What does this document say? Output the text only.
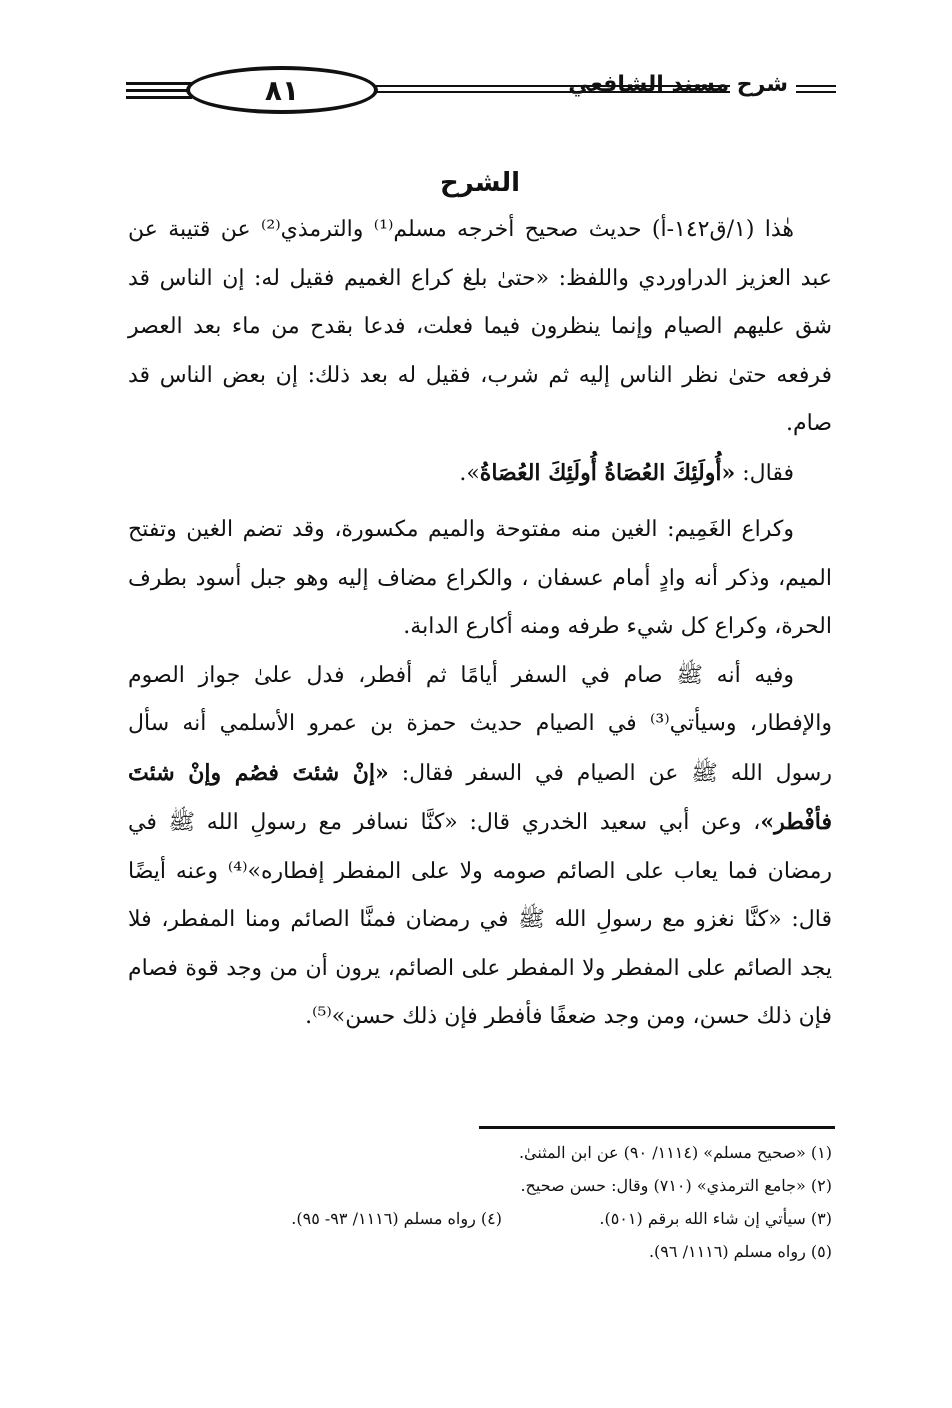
٨١	شرح مسند الشافعي
الشرح

هٰذا (١/ق١٤٢-أ) حديث صحيح أخرجه مسلم⁽¹⁾ والترمذي⁽²⁾ عن قتيبة عن عبد العزيز الدراوردي واللفظ: «حتىٰ بلغ كراع الغميم فقيل له: إن الناس قد شق عليهم الصيام وإنما ينظرون فيما فعلت، فدعا بقدح من ماء بعد العصر فرفعه حتىٰ نظر الناس إليه ثم شرب، فقيل له بعد ذلك: إن بعض الناس قد صام.

فقال: «أُولَئِكَ العُصَاةُ أُولَئِكَ العُصَاةُ».

وكراع الغَمِيم: الغين منه مفتوحة والميم مكسورة، وقد تضم الغين وتفتح الميم، وذكر أنه وادٍ أمام عسفان ، والكراع مضاف إليه وهو جبل أسود بطرف الحرة، وكراع كل شيء طرفه ومنه أكارع الدابة.

وفيه أنه ﷺ صام في السفر أيامًا ثم أفطر، فدل علىٰ جواز الصوم والإفطار، وسيأتي⁽³⁾ في الصيام حديث حمزة بن عمرو الأسلمي أنه سأل رسول الله ﷺ عن الصيام في السفر فقال: «إنْ شئتَ فصُم وإنْ شئتَ فأفْطر»، وعن أبي سعيد الخدري قال: «كنَّا نسافر مع رسولِ الله ﷺ في رمضان فما يعاب على الصائم صومه ولا على المفطر إفطاره»⁽⁴⁾ وعنه أيضًا قال: «كنَّا نغزو مع رسولِ الله ﷺ في رمضان فمنَّا الصائم ومنا المفطر، فلا يجد الصائم على المفطر ولا المفطر على الصائم، يرون أن من وجد قوة فصام فإن ذلك حسن، ومن وجد ضعفًا فأفطر فإن ذلك حسن»⁽⁵⁾.

(١) «صحيح مسلم» (١١١٤/ ٩٠) عن ابن المثنىٰ.

(٢) «جامع الترمذي» (٧١٠) وقال: حسن صحيح.

(٣) سيأتي إن شاء الله برقم (٥٠١).

(٤) رواه مسلم (١١١٦/ ٩٣- ٩٥).

(٥) رواه مسلم (١١١٦/ ٩٦).
